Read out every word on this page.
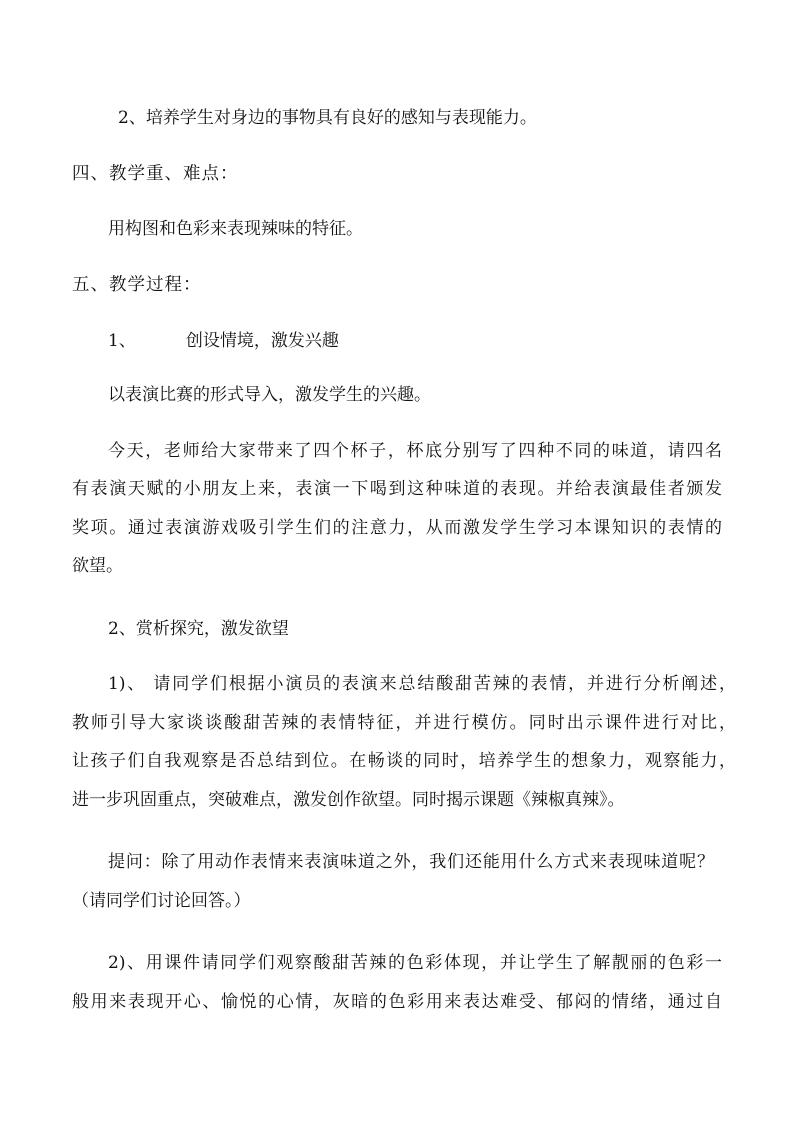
2、培养学生对身边的事物具有良好的感知与表现能力。
四、教学重、难点：
用构图和色彩来表现辣味的特征。
五、教学过程：
1、	创设情境，激发兴趣
以表演比赛的形式导入，激发学生的兴趣。
今天，老师给大家带来了四个杯子，杯底分别写了四种不同的味道，请四名
有表演天赋的小朋友上来，表演一下喝到这种味道的表现。并给表演最佳者颁发
奖项。通过表演游戏吸引学生们的注意力，从而激发学生学习本课知识的表情的
欲望。
2、赏析探究，激发欲望
1)、 请同学们根据小演员的表演来总结酸甜苦辣的表情，并进行分析阐述，
教师引导大家谈谈酸甜苦辣的表情特征，并进行模仿。同时出示课件进行对比，
让孩子们自我观察是否总结到位。在畅谈的同时，培养学生的想象力，观察能力，
进一步巩固重点，突破难点，激发创作欲望。同时揭示课题《辣椒真辣》。
提问：除了用动作表情来表演味道之外，我们还能用什么方式来表现味道呢？
（请同学们讨论回答。）
2)、用课件请同学们观察酸甜苦辣的色彩体现，并让学生了解靓丽的色彩一
般用来表现开心、愉悦的心情，灰暗的色彩用来表达难受、郁闷的情绪，通过自
